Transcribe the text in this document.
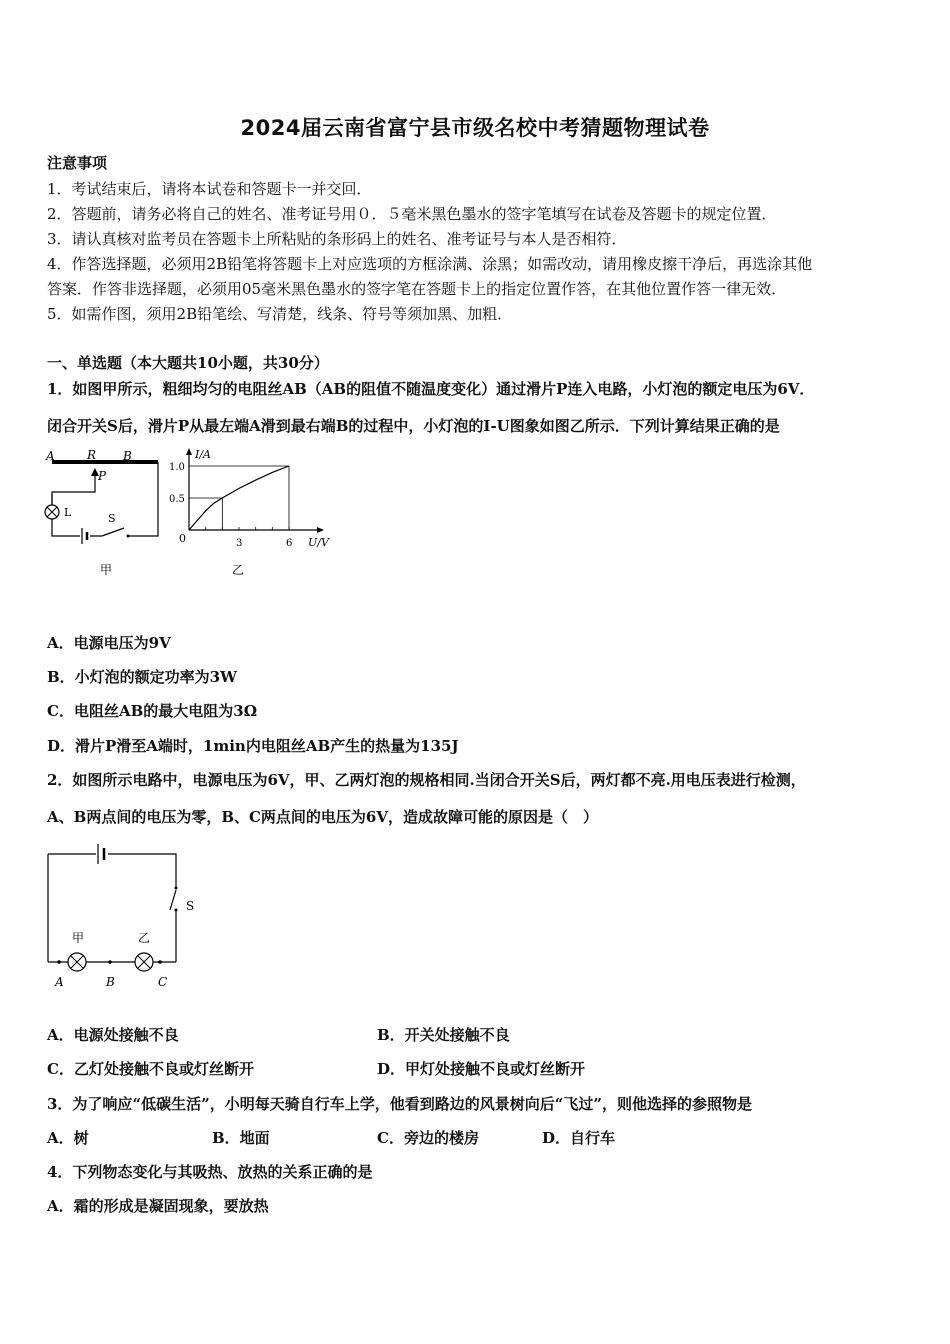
2024届云南省富宁县市级名校中考猜题物理试卷
注意事项
1．考试结束后，请将本试卷和答题卡一并交回．
2．答题前，请务必将自己的姓名、准考证号用０．５毫米黑色墨水的签字笔填写在试卷及答题卡的规定位置．
3．请认真核对监考员在答题卡上所粘贴的条形码上的姓名、准考证号与本人是否相符．
4．作答选择题，必须用2B铅笔将答题卡上对应选项的方框涂满、涂黑；如需改动，请用橡皮擦干净后，再选涂其他
答案．作答非选择题，必须用05毫米黑色墨水的签字笔在答题卡上的指定位置作答，在其他位置作答一律无效．
5．如需作图，须用2B铅笔绘、写清楚，线条、符号等须加黑、加粗．
一、单选题（本大题共10小题，共30分）
1．如图甲所示，粗细均匀的电阻丝AB（AB的阻值不随温度变化）通过滑片P连入电路，小灯泡的额定电压为6V．
闭合开关S后，滑片P从最左端A滑到最右端B的过程中，小灯泡的I-U图象如图乙所示．下列计算结果正确的是
A	R B
P
L	S
甲
0.5
1.0
3	6
I/A
U/V
0
乙
A．电源电压为9V
B．小灯泡的额定功率为3W
C．电阻丝AB的最大电阻为3Ω
D．滑片P滑至A端时，1min内电阻丝AB产生的热量为135J
2．如图所示电路中，电源电压为6V，甲、乙两灯泡的规格相同.当闭合开关S后，两灯都不亮.用电压表进行检测，
A、B两点间的电压为零，B、C两点间的电压为6V，造成故障可能的原因是（　）
S
甲	乙
A	B	C
A．电源处接触不良	B．开关处接触不良
C．乙灯处接触不良或灯丝断开	D．甲灯处接触不良或灯丝断开
3．为了响应“低碳生活”，小明每天骑自行车上学，他看到路边的风景树向后“飞过”，则他选择的参照物是
A．树	B．地面	C．旁边的楼房	D．自行车
4．下列物态变化与其吸热、放热的关系正确的是
A．霜的形成是凝固现象，要放热
